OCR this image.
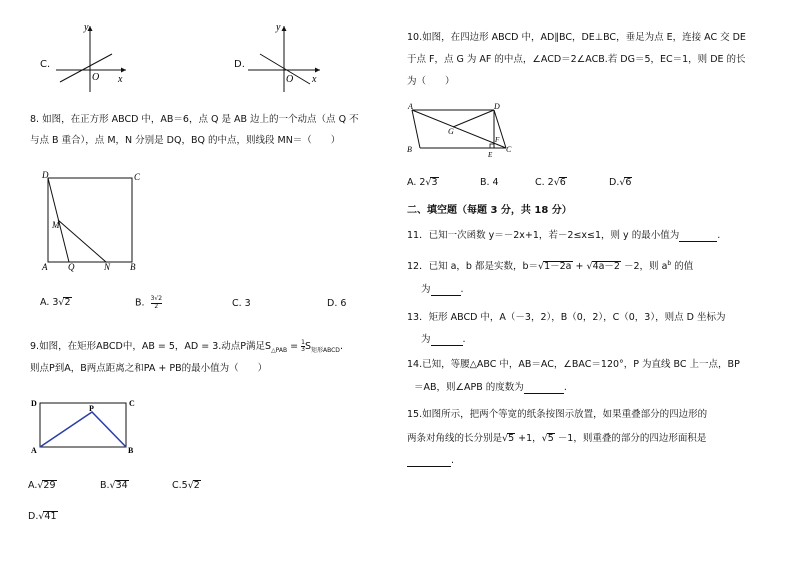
C.
y
x
O
D.
y
x
O
8. 如图，在正方形 ABCD 中，AB＝6，点 Q 是 AB 边上的一个动点（点 Q 不
与点 B 重合），点 M，N 分别是 DQ，BQ 的中点，则线段 MN＝（　　）
D	C
M
A Q	N B
A. 3√2	B. $\frac{3√2}{2}$	C. 3	D. 6
9.如图，在矩形ABCD中，AB = 5，AD = 3.动点P满足$S_{\triangle PAB} = \frac{1}{3} S_{矩形ABCD}$.
则点P到A，B两点距离之和PA + PB的最小值为（　　）
D	C
P
A	B
A.√29	B.√34	C.5√2
D.√41
10.如图，在四边形 ABCD 中，AD∥BC，DE⊥BC，垂足为点 E，连接 AC 交 DE
于点 F，点 G 为 AF 的中点，∠ACD＝2∠ACB.若 DG＝5，EC＝1，则 DE 的长
为（　　）
A	D
G
F
B
E
C
A. 2√3	B. 4	C. 2√6	D.√6
二、填空题（每题 3 分，共 18 分）
11．已知一次函数 y＝－2x+1，若－2≤x≤1，则 y 的最小值为	.
12．已知 a，b 都是实数，b＝√1－2a + √4a－2 －2，则 $a^b$ 的值
为	.
13．矩形 ABCD 中，A（－3，2），B（0，2），C（0，3），则点 D 坐标为
为	.
14.已知，等腰△ABC 中，AB＝AC，∠BAC＝120°，P 为直线 BC 上一点，BP
＝AB，则∠APB 的度数为	.
15.如图所示，把两个等宽的纸条按图示放置，如果重叠部分的四边形的
两条对角线的长分别是√5 +1，√5 －1，则重叠的部分的四边形面积是
.
